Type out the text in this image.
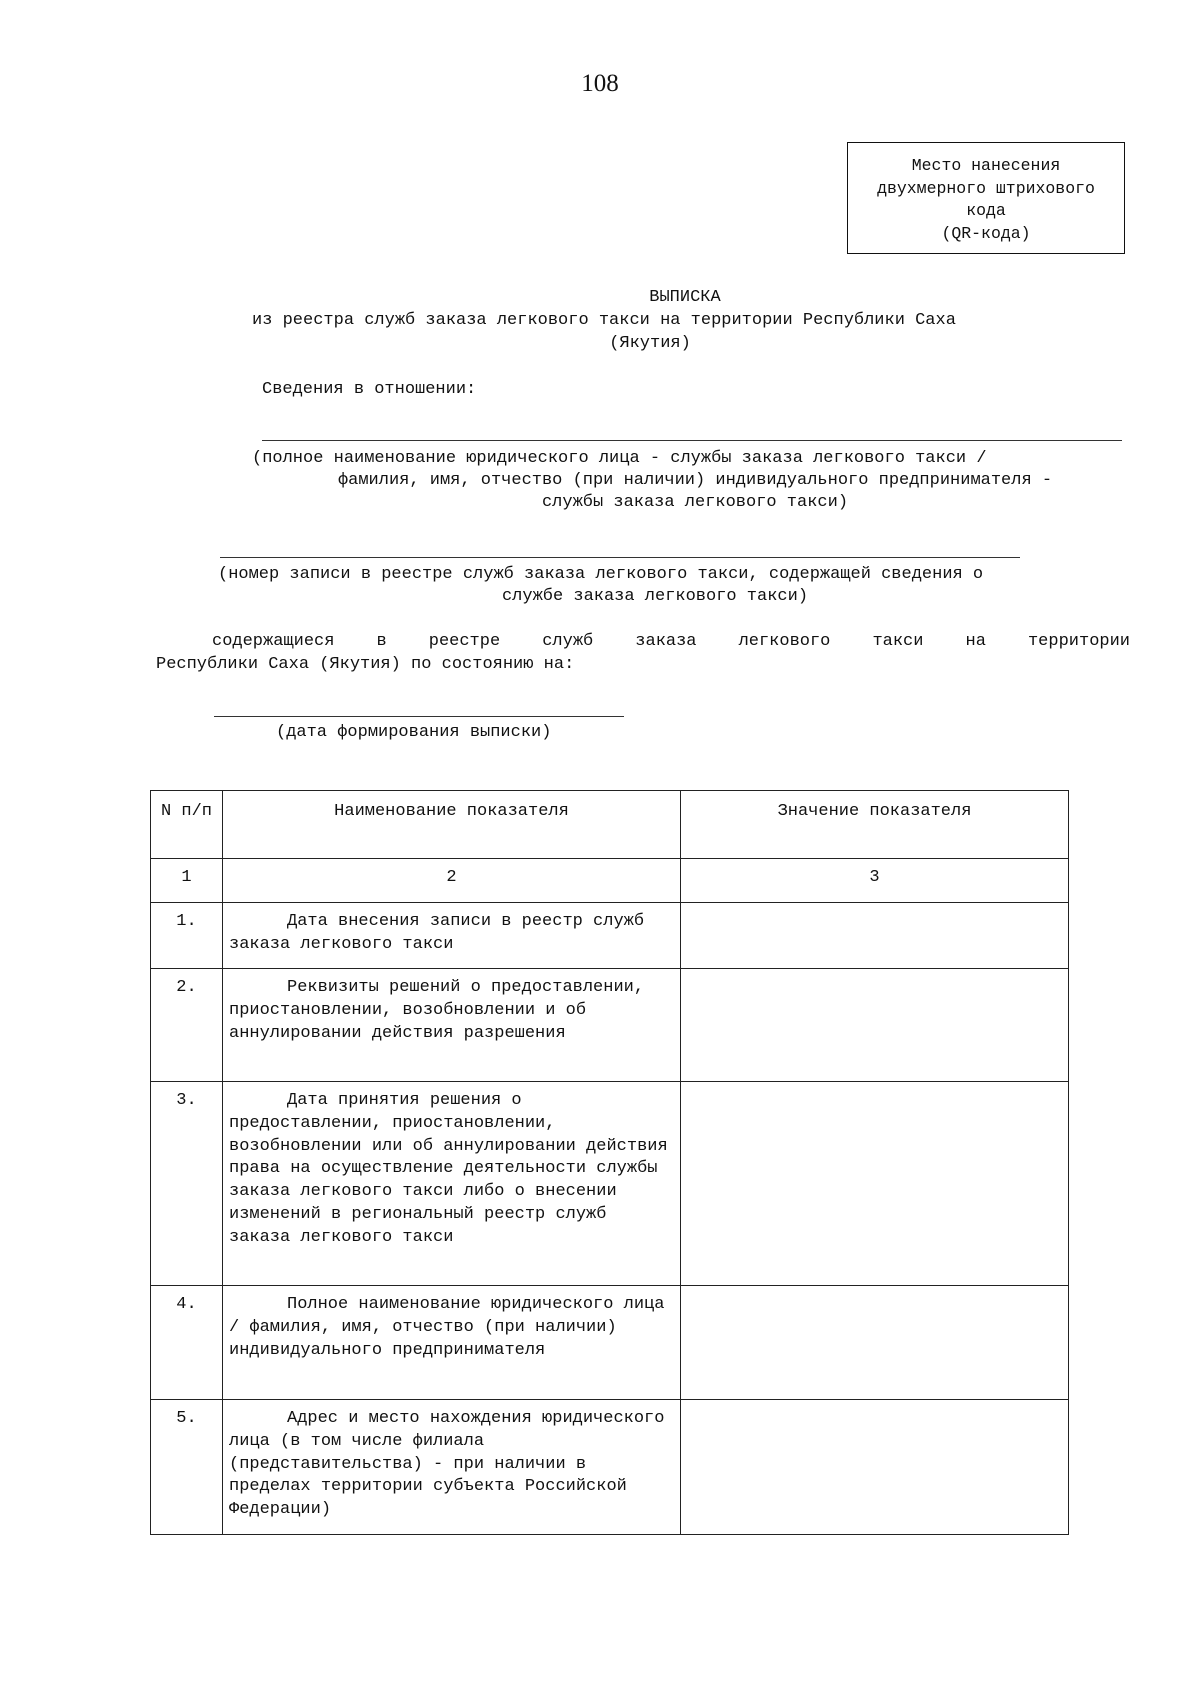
108
Место нанесения
двухмерного штрихового
кода
(QR-кода)
ВЫПИСКА
из реестра служб заказа легкового такси на территории Республики Саха
(Якутия)
Сведения в отношении:
(полное наименование юридического лица - службы заказа легкового такси /
фамилия, имя, отчество (при наличии) индивидуального предпринимателя -
службы заказа легкового такси)
(номер записи в реестре служб заказа легкового такси, содержащей сведения о
службе заказа легкового такси)
содержащиеся в реестре служб заказа легкового такси на территории
Республики Саха (Якутия) по состоянию на:
(дата формирования выписки)
N п/п	Наименование показателя	Значение показателя
1	2	3
1.	Дата внесения записи в реестр служб заказа легкового такси	
2.	Реквизиты решений о предоставлении, приостановлении, возобновлении и об аннулировании действия разрешения	
3.	Дата принятия решения о предоставлении, приостановлении, возобновлении или об аннулировании действия права на осуществление деятельности службы заказа легкового такси либо о внесении изменений в региональный реестр служб заказа легкового такси	
4.	Полное наименование юридического лица / фамилия, имя, отчество (при наличии) индивидуального предпринимателя	
5.	Адрес и место нахождения юридического лица (в том числе филиала (представительства) - при наличии в пределах территории субъекта Российской Федерации)	
